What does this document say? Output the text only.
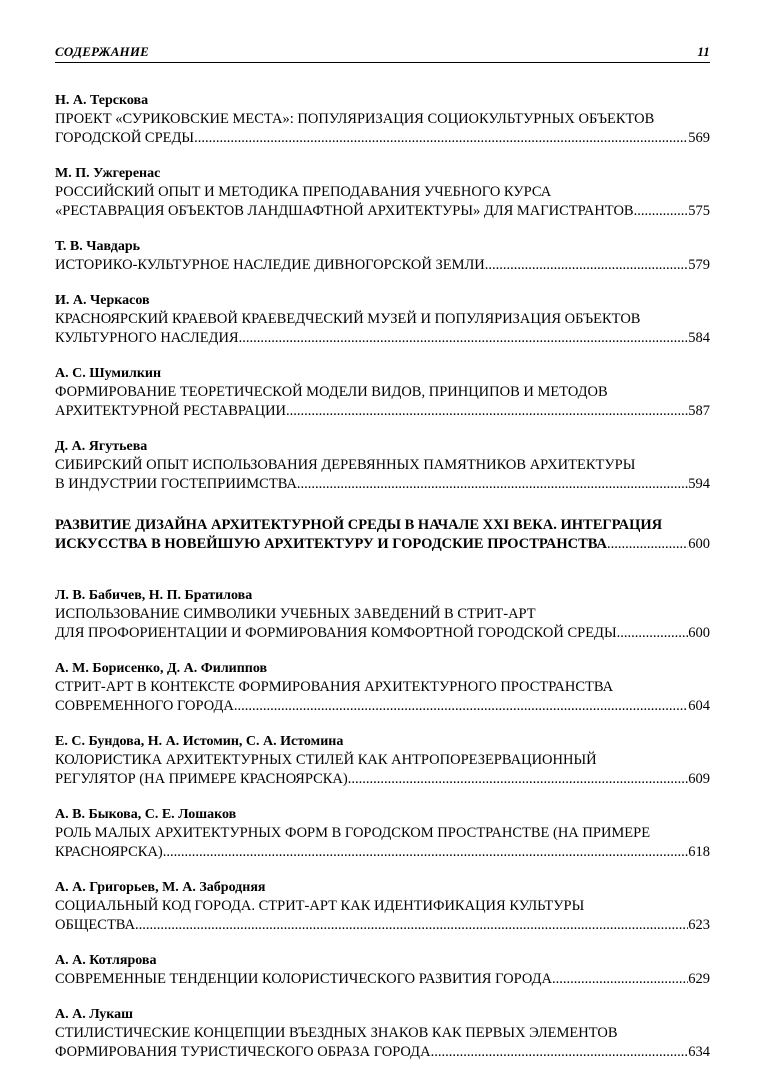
СОДЕРЖАНИЕ	11
Н. А. Терскова
ПРОЕКТ «СУРИКОВСКИЕ МЕСТА»: ПОПУЛЯРИЗАЦИЯ СОЦИОКУЛЬТУРНЫХ ОБЪЕКТОВ
ГОРОДСКОЙ СРЕДЫ .....	569
М. П. Ужгеренас
РОССИЙСКИЙ ОПЫТ И МЕТОДИКА ПРЕПОДАВАНИЯ УЧЕБНОГО КУРСА
«РЕСТАВРАЦИЯ ОБЪЕКТОВ ЛАНДШАФТНОЙ АРХИТЕКТУРЫ» ДЛЯ МАГИСТРАНТОВ .....	575
Т. В. Чавдарь
ИСТОРИКО-КУЛЬТУРНОЕ НАСЛЕДИЕ ДИВНОГОРСКОЙ ЗЕМЛИ .....	579
И. А. Черкасов
КРАСНОЯРСКИЙ КРАЕВОЙ КРАЕВЕДЧЕСКИЙ МУЗЕЙ И ПОПУЛЯРИЗАЦИЯ ОБЪЕКТОВ
КУЛЬТУРНОГО НАСЛЕДИЯ .....	584
А. С. Шумилкин
ФОРМИРОВАНИЕ ТЕОРЕТИЧЕСКОЙ МОДЕЛИ ВИДОВ, ПРИНЦИПОВ И МЕТОДОВ
АРХИТЕКТУРНОЙ РЕСТАВРАЦИИ .....	587
Д. А. Ягутьева
СИБИРСКИЙ ОПЫТ ИСПОЛЬЗОВАНИЯ ДЕРЕВЯННЫХ ПАМЯТНИКОВ АРХИТЕКТУРЫ
В ИНДУСТРИИ ГОСТЕПРИИМСТВА .....	594
РАЗВИТИЕ ДИЗАЙНА АРХИТЕКТУРНОЙ СРЕДЫ В НАЧАЛЕ XXI ВЕКА. ИНТЕГРАЦИЯ
ИСКУССТВА В НОВЕЙШУЮ АРХИТЕКТУРУ И ГОРОДСКИЕ ПРОСТРАНСТВА .....	600
Л. В. Бабичев, Н. П. Братилова
ИСПОЛЬЗОВАНИЕ СИМВОЛИКИ УЧЕБНЫХ ЗАВЕДЕНИЙ В СТРИТ-АРТ
ДЛЯ ПРОФОРИЕНТАЦИИ И ФОРМИРОВАНИЯ КОМФОРТНОЙ ГОРОДСКОЙ СРЕДЫ .....	600
А. М. Борисенко, Д. А. Филиппов
СТРИТ-АРТ В КОНТЕКСТЕ ФОРМИРОВАНИЯ АРХИТЕКТУРНОГО ПРОСТРАНСТВА
СОВРЕМЕННОГО ГОРОДА .....	604
Е. С. Бундова, Н. А. Истомин, С. А. Истомина
КОЛОРИСТИКА АРХИТЕКТУРНЫХ СТИЛЕЙ КАК АНТРОПОРЕЗЕРВАЦИОННЫЙ
РЕГУЛЯТОР (НА ПРИМЕРЕ КРАСНОЯРСКА) .....	609
А. В. Быкова, С. Е. Лошаков
РОЛЬ МАЛЫХ АРХИТЕКТУРНЫХ ФОРМ В ГОРОДСКОМ ПРОСТРАНСТВЕ (НА ПРИМЕРЕ
КРАСНОЯРСКА) .....	618
А. А. Григорьев, М. А. Забродняя
СОЦИАЛЬНЫЙ КОД ГОРОДА. СТРИТ-АРТ КАК ИДЕНТИФИКАЦИЯ КУЛЬТУРЫ
ОБЩЕСТВА .....	623
А. А. Котлярова
СОВРЕМЕННЫЕ ТЕНДЕНЦИИ КОЛОРИСТИЧЕСКОГО РАЗВИТИЯ ГОРОДА .....	629
А. А. Лукаш
СТИЛИСТИЧЕСКИЕ КОНЦЕПЦИИ ВЪЕЗДНЫХ ЗНАКОВ КАК ПЕРВЫХ ЭЛЕМЕНТОВ
ФОРМИРОВАНИЯ ТУРИСТИЧЕСКОГО ОБРАЗА ГОРОДА .....	634
